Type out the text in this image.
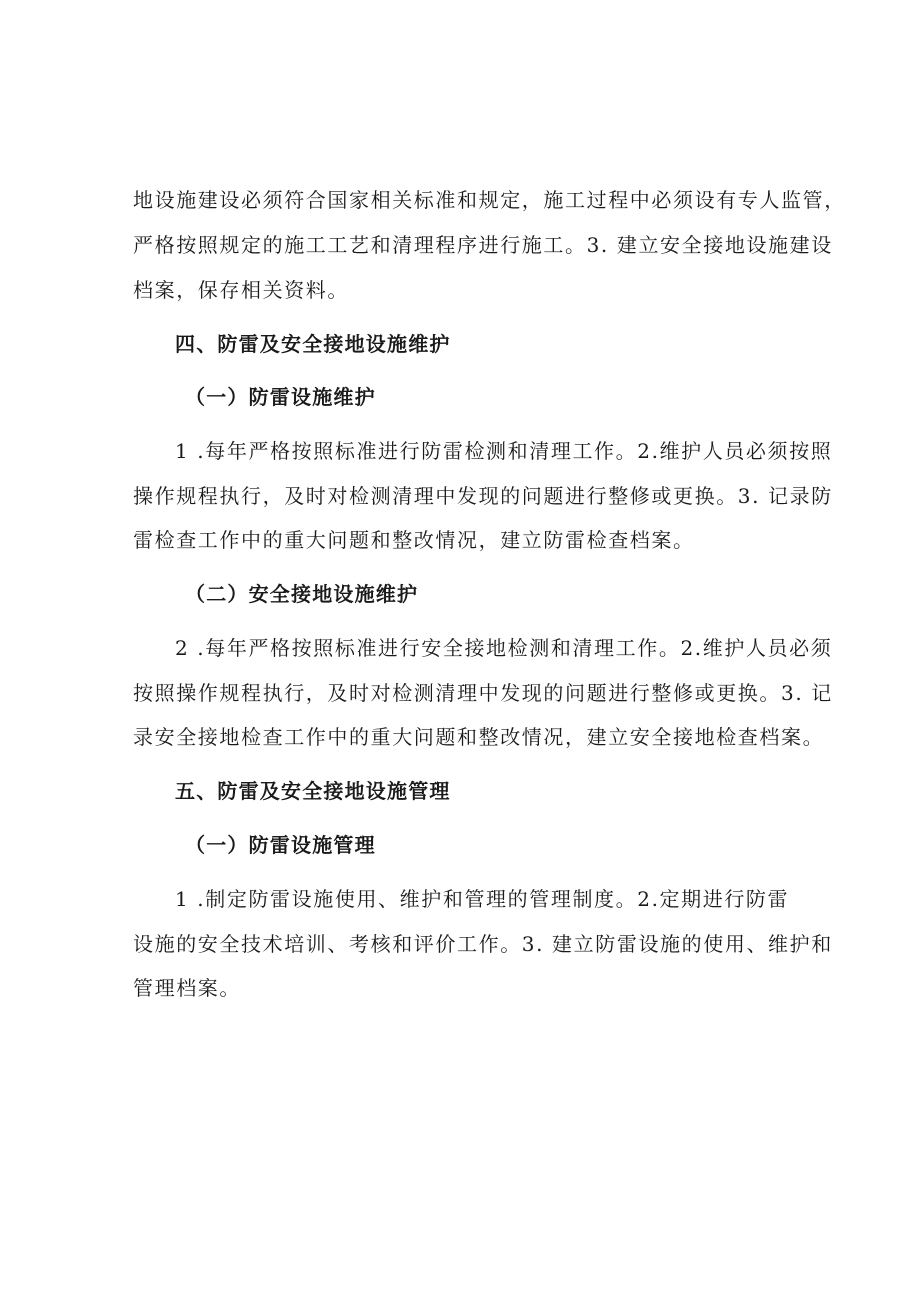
地设施建设必须符合国家相关标准和规定，施工过程中必须设有专人监管，
严格按照规定的施工工艺和清理程序进行施工。3. 建立安全接地设施建设
档案，保存相关资料。
四、防雷及安全接地设施维护
（一）防雷设施维护
1 .每年严格按照标准进行防雷检测和清理工作。2.维护人员必须按照
操作规程执行，及时对检测清理中发现的问题进行整修或更换。3. 记录防
雷检查工作中的重大问题和整改情况，建立防雷检查档案。
（二）安全接地设施维护
2 .每年严格按照标准进行安全接地检测和清理工作。2.维护人员必须
按照操作规程执行，及时对检测清理中发现的问题进行整修或更换。3. 记
录安全接地检查工作中的重大问题和整改情况，建立安全接地检查档案。
五、防雷及安全接地设施管理
（一）防雷设施管理
1 .制定防雷设施使用、维护和管理的管理制度。2.定期进行防雷
设施的安全技术培训、考核和评价工作。3. 建立防雷设施的使用、维护和
管理档案。
